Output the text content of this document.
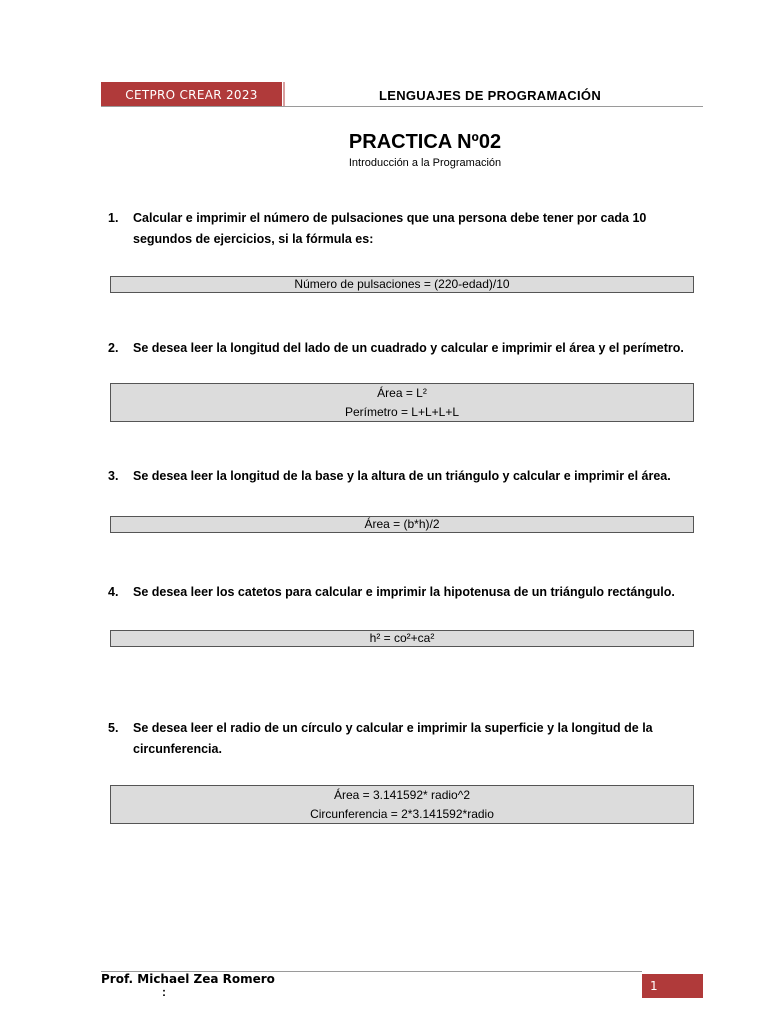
CETPRO CREAR 2023	LENGUAJES DE PROGRAMACIÓN
PRACTICA Nº02
Introducción a la Programación
1.	Calcular e imprimir el número de pulsaciones que una persona debe tener por cada 10 segundos de ejercicios, si la fórmula es:
Número de pulsaciones = (220-edad)/10
2.	Se desea leer la longitud del lado de un cuadrado y calcular e imprimir el área y el perímetro.
Área = L²
Perímetro = L+L+L+L
3.	Se desea leer la longitud de la base y la altura de un triángulo y calcular e imprimir el área.
Área = (b*h)/2
4.	Se desea leer los catetos para calcular e imprimir la hipotenusa de un triángulo rectángulo.
h² = co²+ca²
5.	Se desea leer el radio de un círculo y calcular e imprimir la superficie y la longitud de la circunferencia.
Área = 3.141592* radio^2
Circunferencia = 2*3.141592*radio
Prof. Michael Zea Romero
:	1
